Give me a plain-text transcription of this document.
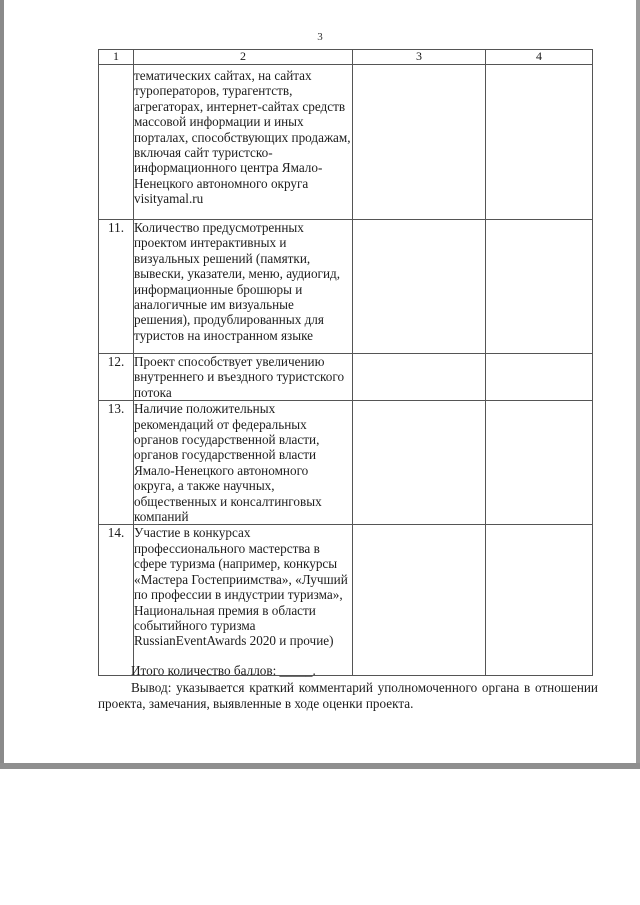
3
1	2	3	4
	тематических сайтах, на сайтах туроператоров, турагентств, агрегаторах, интернет-сайтах средств массовой информации и иных порталах, способствующих продажам, включая сайт туристско-информационного центра Ямало-Ненецкого автономного округа visityamal.ru		
11.	Количество предусмотренных проектом интерактивных и визуальных решений (памятки, вывески, указатели, меню, аудиогид, информационные брошюры и аналогичные им визуальные решения), продублированных для туристов на иностранном языке		
12.	Проект способствует увеличению внутреннего и въездного туристского потока		
13.	Наличие положительных рекомендаций от федеральных органов государственной власти, органов государственной власти Ямало-Ненецкого автономного округа, а также научных, общественных и консалтинговых компаний		
14.	Участие в конкурсах профессионального мастерства в сфере туризма (например, конкурсы «Мастера Гостеприимства», «Лучший по профессии в индустрии туризма», Национальная премия в области событийного туризма RussianEventAwards 2020 и прочие)		
Итого количество баллов: _____.
Вывод: указывается краткий комментарий уполномоченного органа в отношении проекта, замечания, выявленные в ходе оценки проекта.
